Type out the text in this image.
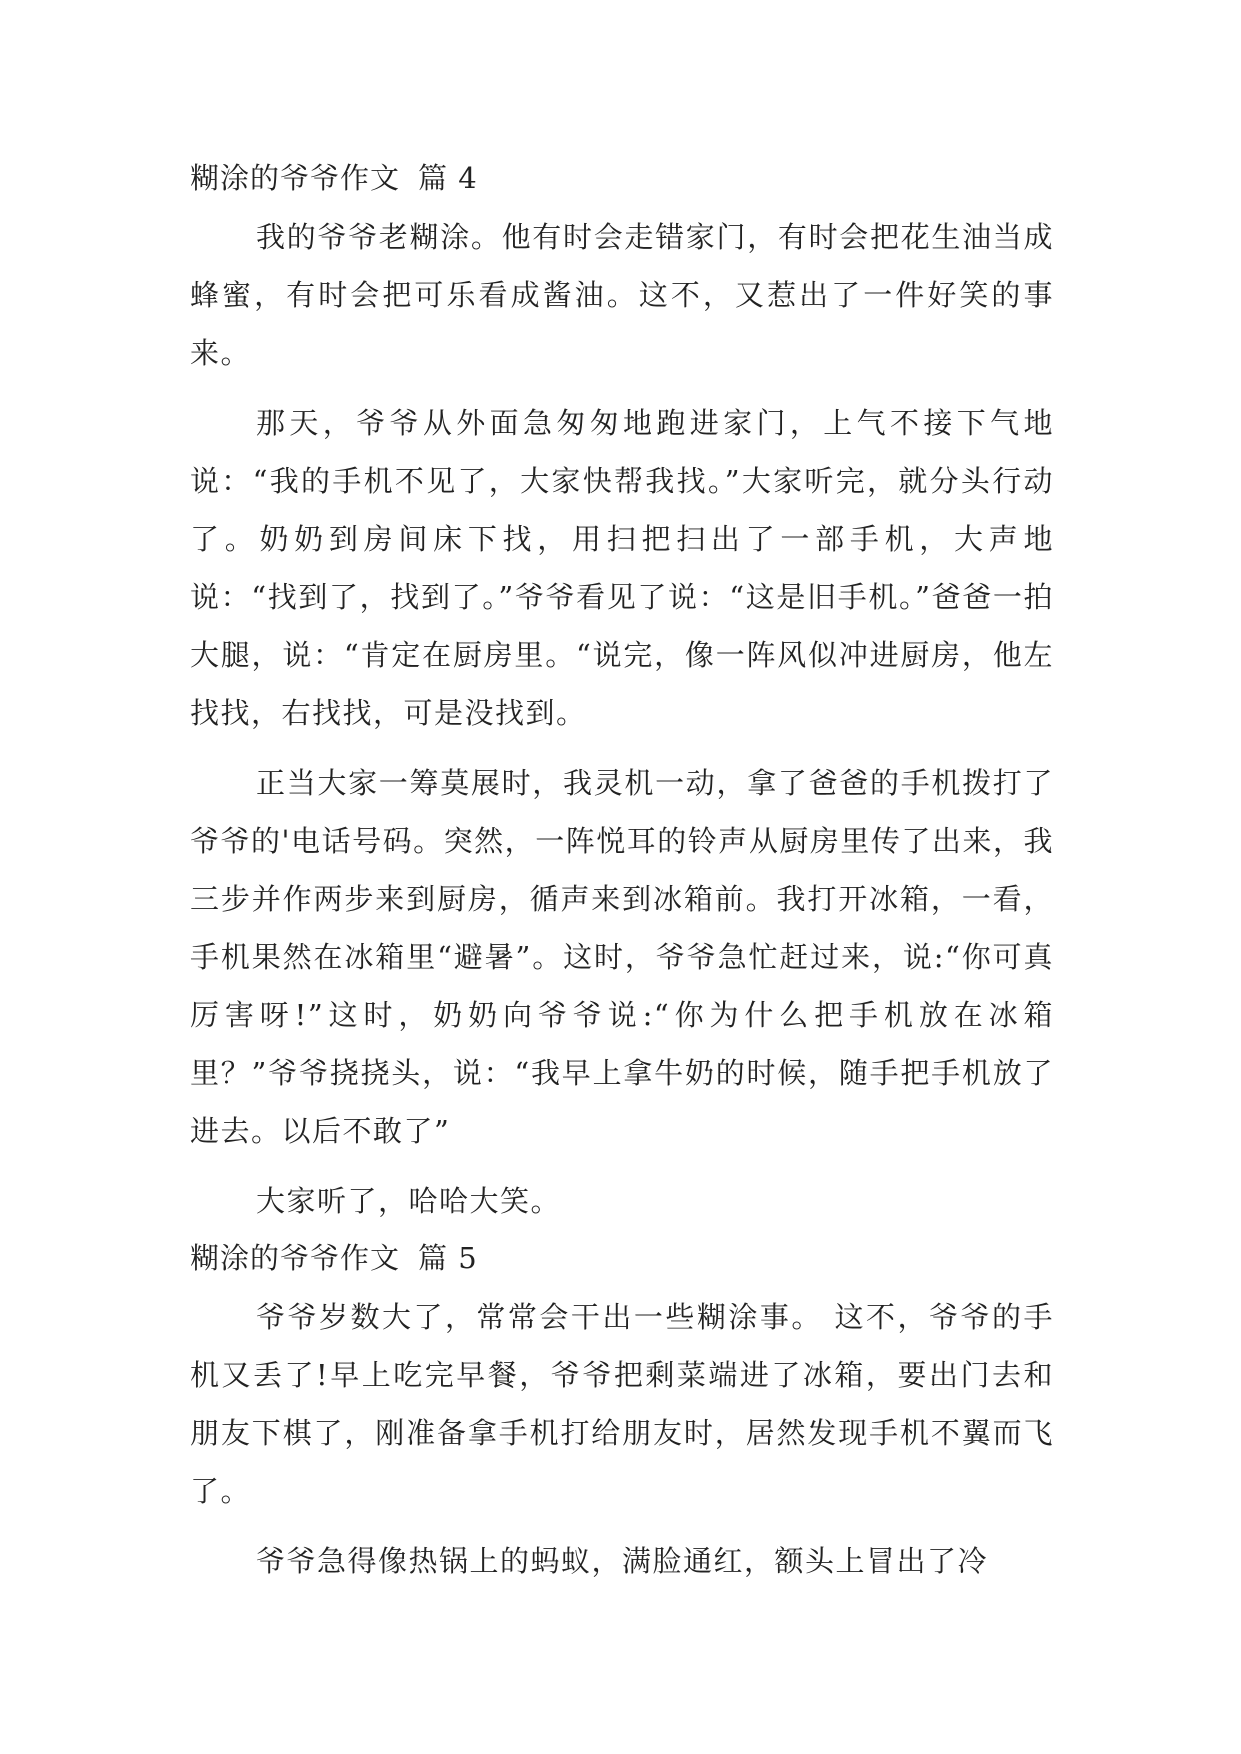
糊涂的爷爷作文 篇 4

我的爷爷老糊涂。他有时会走错家门，有时会把花生油当成蜂蜜，有时会把可乐看成酱油。这不，又惹出了一件好笑的事来。

那天，爷爷从外面急匆匆地跑进家门，上气不接下气地说：“我的手机不见了，大家快帮我找。”大家听完，就分头行动了。奶奶到房间床下找，用扫把扫出了一部手机，大声地说：“找到了，找到了。”爷爷看见了说：“这是旧手机。”爸爸一拍大腿，说：“肯定在厨房里。“说完，像一阵风似冲进厨房，他左找找，右找找，可是没找到。

正当大家一筹莫展时，我灵机一动，拿了爸爸的手机拨打了爷爷的'电话号码。突然，一阵悦耳的铃声从厨房里传了出来，我三步并作两步来到厨房，循声来到冰箱前。我打开冰箱，一看，手机果然在冰箱里“避暑”。这时，爷爷急忙赶过来，说:“你可真厉害呀!”这时，奶奶向爷爷说:“你为什么把手机放在冰箱里？”爷爷挠挠头，说：“我早上拿牛奶的时候，随手把手机放了进去。以后不敢了”

大家听了，哈哈大笑。

糊涂的爷爷作文 篇 5

爷爷岁数大了，常常会干出一些糊涂事。 这不，爷爷的手机又丢了!早上吃完早餐，爷爷把剩菜端进了冰箱，要出门去和朋友下棋了，刚准备拿手机打给朋友时，居然发现手机不翼而飞了。

爷爷急得像热锅上的蚂蚁，满脸通红，额头上冒出了冷
